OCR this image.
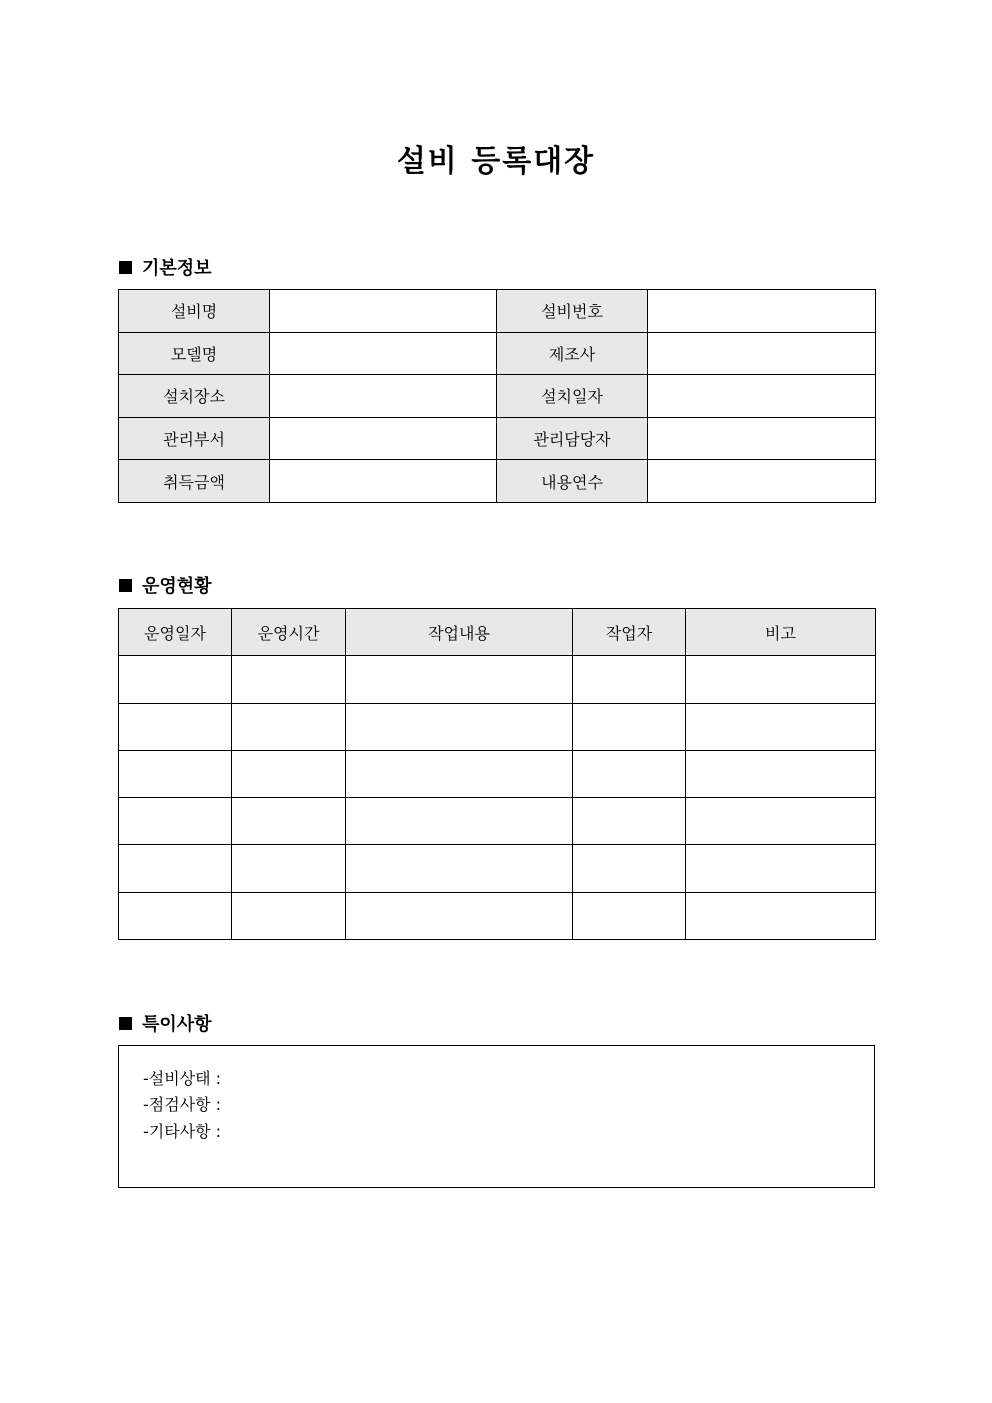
설비 등록대장
기본정보
설비명		설비번호	
모델명		제조사	
설치장소		설치일자	
관리부서		관리담당자	
취득금액		내용연수	
운영현황
운영일자	운영시간	작업내용	작업자	비고

특이사항
-설비상태 :
-점검사항 :
-기타사항 :
